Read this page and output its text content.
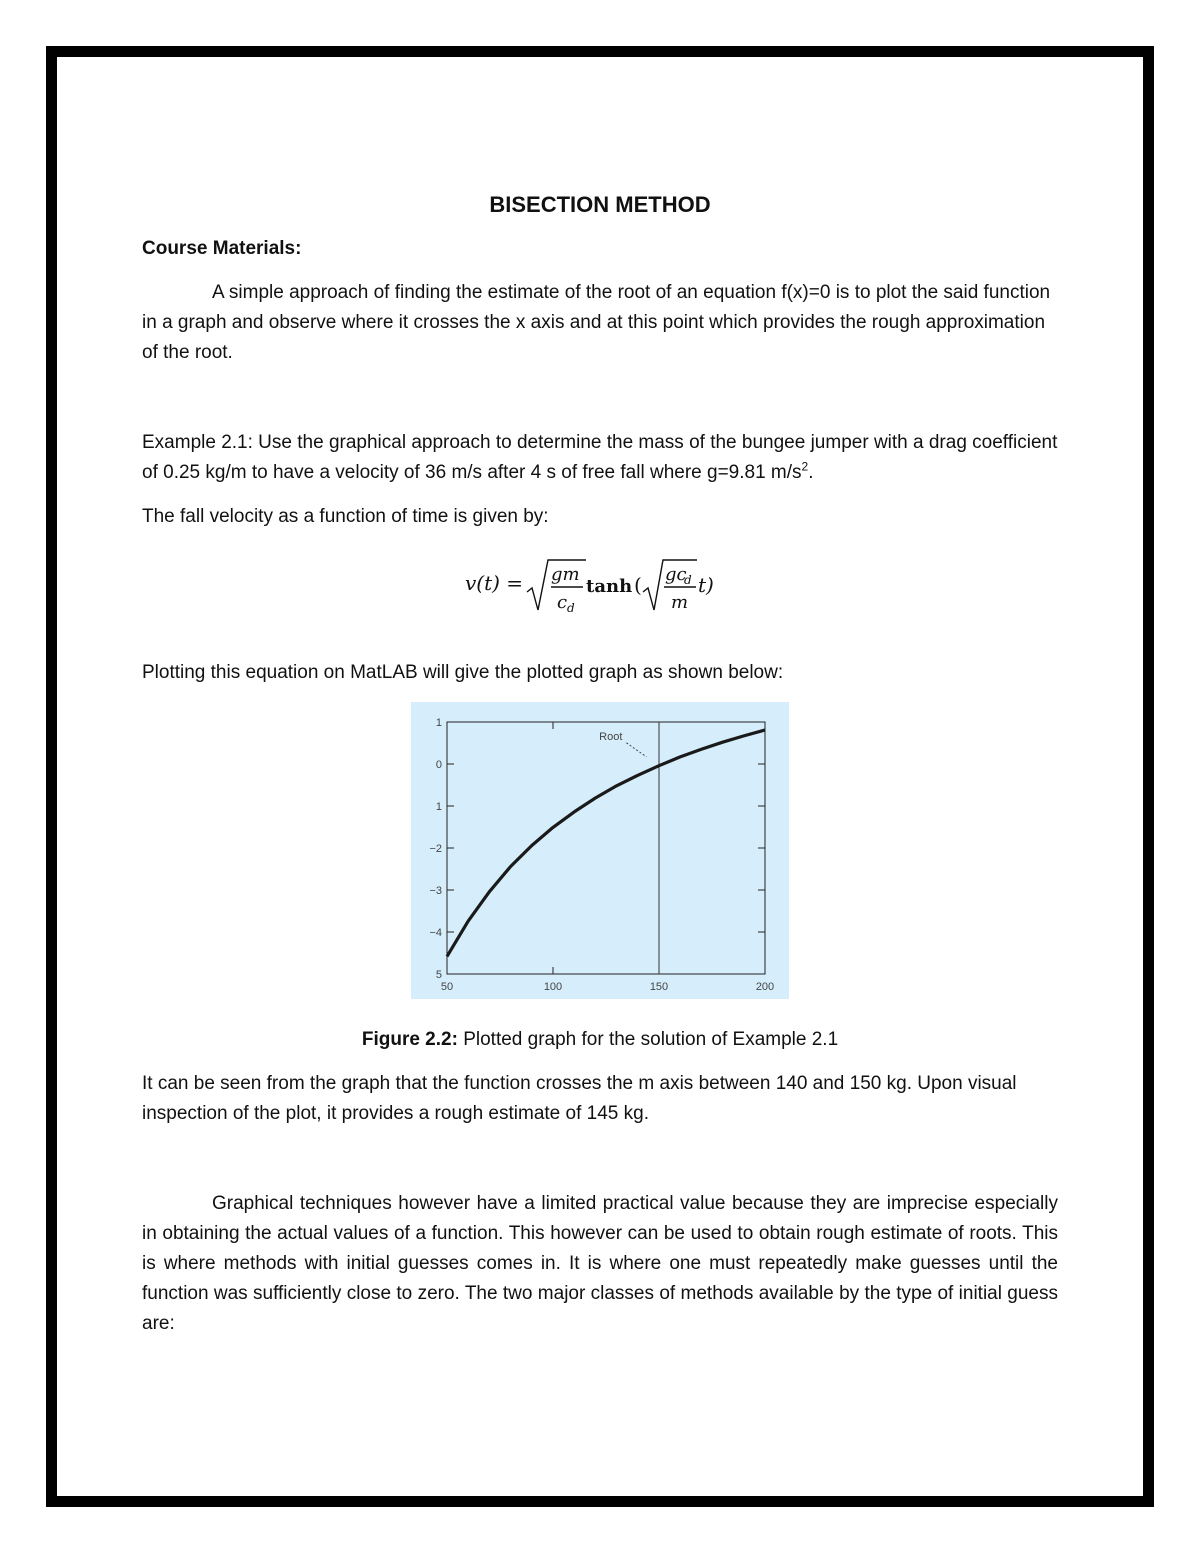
BISECTION METHOD
Course Materials:

A simple approach of finding the estimate of the root of an equation f(x)=0 is to plot the said function in a graph and observe where it crosses the x axis and at this point which provides the rough approximation of the root.

Example 2.1: Use the graphical approach to determine the mass of the bungee jumper with a drag coefficient of 0.25 kg/m to have a velocity of 36 m/s after 4 s of free fall where g=9.81 $m/s^2$.

The fall velocity as a function of time is given by:

v(t) = gm
c d
tanh ( gc
d
m
t)

Plotting this equation on MatLAB will give the plotted graph as shown below:

1
0
1
−2
−3
−4
5
50	100	150	200
Root

Figure 2.2: Plotted graph for the solution of Example 2.1

It can be seen from the graph that the function crosses the m axis between 140 and 150 kg. Upon visual inspection of the plot, it provides a rough estimate of 145 kg.

Graphical techniques however have a limited practical value because they are imprecise especially in obtaining the actual values of a function. This however can be used to obtain rough estimate of roots. This is where methods with initial guesses comes in. It is where one must repeatedly make guesses until the function was sufficiently close to zero. The two major classes of methods available by the type of initial guess are:
